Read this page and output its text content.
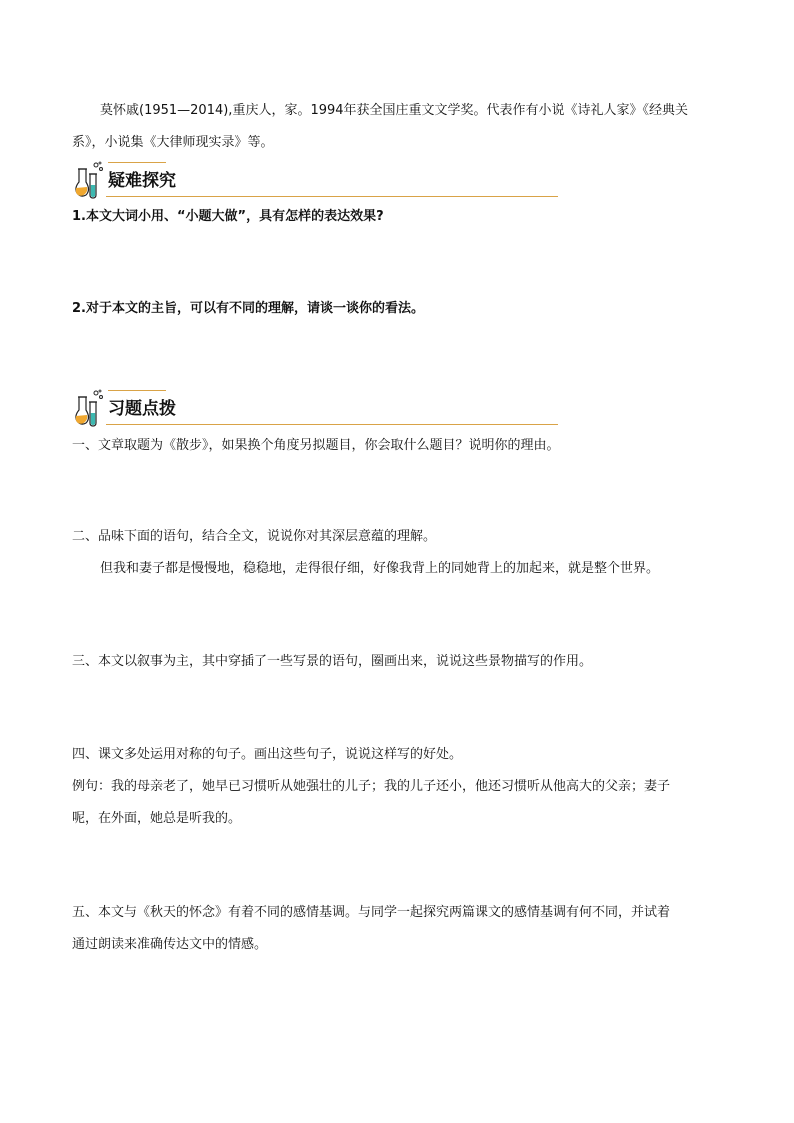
莫怀戚(1951—2014),重庆人，家。1994年获全国庄重文文学奖。代表作有小说《诗礼人家》《经典关

系》，小说集《大律师现实录》等。

疑难探究

1.本文大词小用、“小题大做”，具有怎样的表达效果?

2.对于本文的主旨，可以有不同的理解，请谈一谈你的看法。

习题点拨

一、文章取题为《散步》，如果换个角度另拟题目，你会取什么题目？说明你的理由。

二、品味下面的语句，结合全文，说说你对其深层意蕴的理解。

但我和妻子都是慢慢地，稳稳地，走得很仔细，好像我背上的同她背上的加起来，就是整个世界。

三、本文以叙事为主，其中穿插了一些写景的语句，圈画出来，说说这些景物描写的作用。

四、课文多处运用对称的句子。画出这些句子，说说这样写的好处。

例句：我的母亲老了，她早已习惯听从她强壮的儿子；我的儿子还小，他还习惯听从他高大的父亲；妻子

呢，在外面，她总是听我的。

五、本文与《秋天的怀念》有着不同的感情基调。与同学一起探究两篇课文的感情基调有何不同，并试着

通过朗读来准确传达文中的情感。
